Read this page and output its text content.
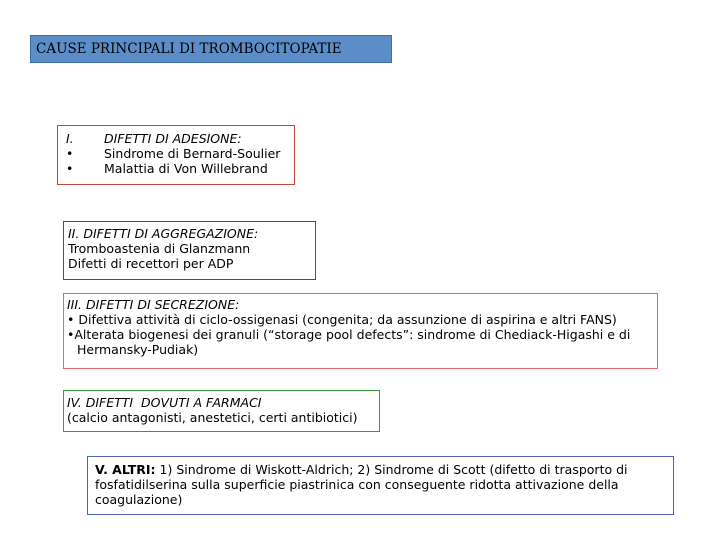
CAUSE PRINCIPALI DI TROMBOCITOPATIE
I.	DIFETTI DI ADESIONE:
•	Sindrome di Bernard-Soulier
•	Malattia di Von Willebrand
II. DIFETTI DI AGGREGAZIONE:
Tromboastenia di Glanzmann
Difetti di recettori per ADP
III. DIFETTI DI SECREZIONE:
• Difettiva attività di ciclo-ossigenasi (congenita; da assunzione di aspirina e altri FANS)
•Alterata biogenesi dei granuli (“storage pool defects”: sindrome di Chediack-Higashi e di
Hermansky-Pudiak)
IV. DIFETTI  DOVUTI A FARMACI
(calcio antagonisti, anestetici, certi antibiotici)
V. ALTRI: 1) Sindrome di Wiskott-Aldrich; 2) Sindrome di Scott (difetto di trasporto di fosfatidilserina sulla superficie piastrinica con conseguente ridotta attivazione della coagulazione)
